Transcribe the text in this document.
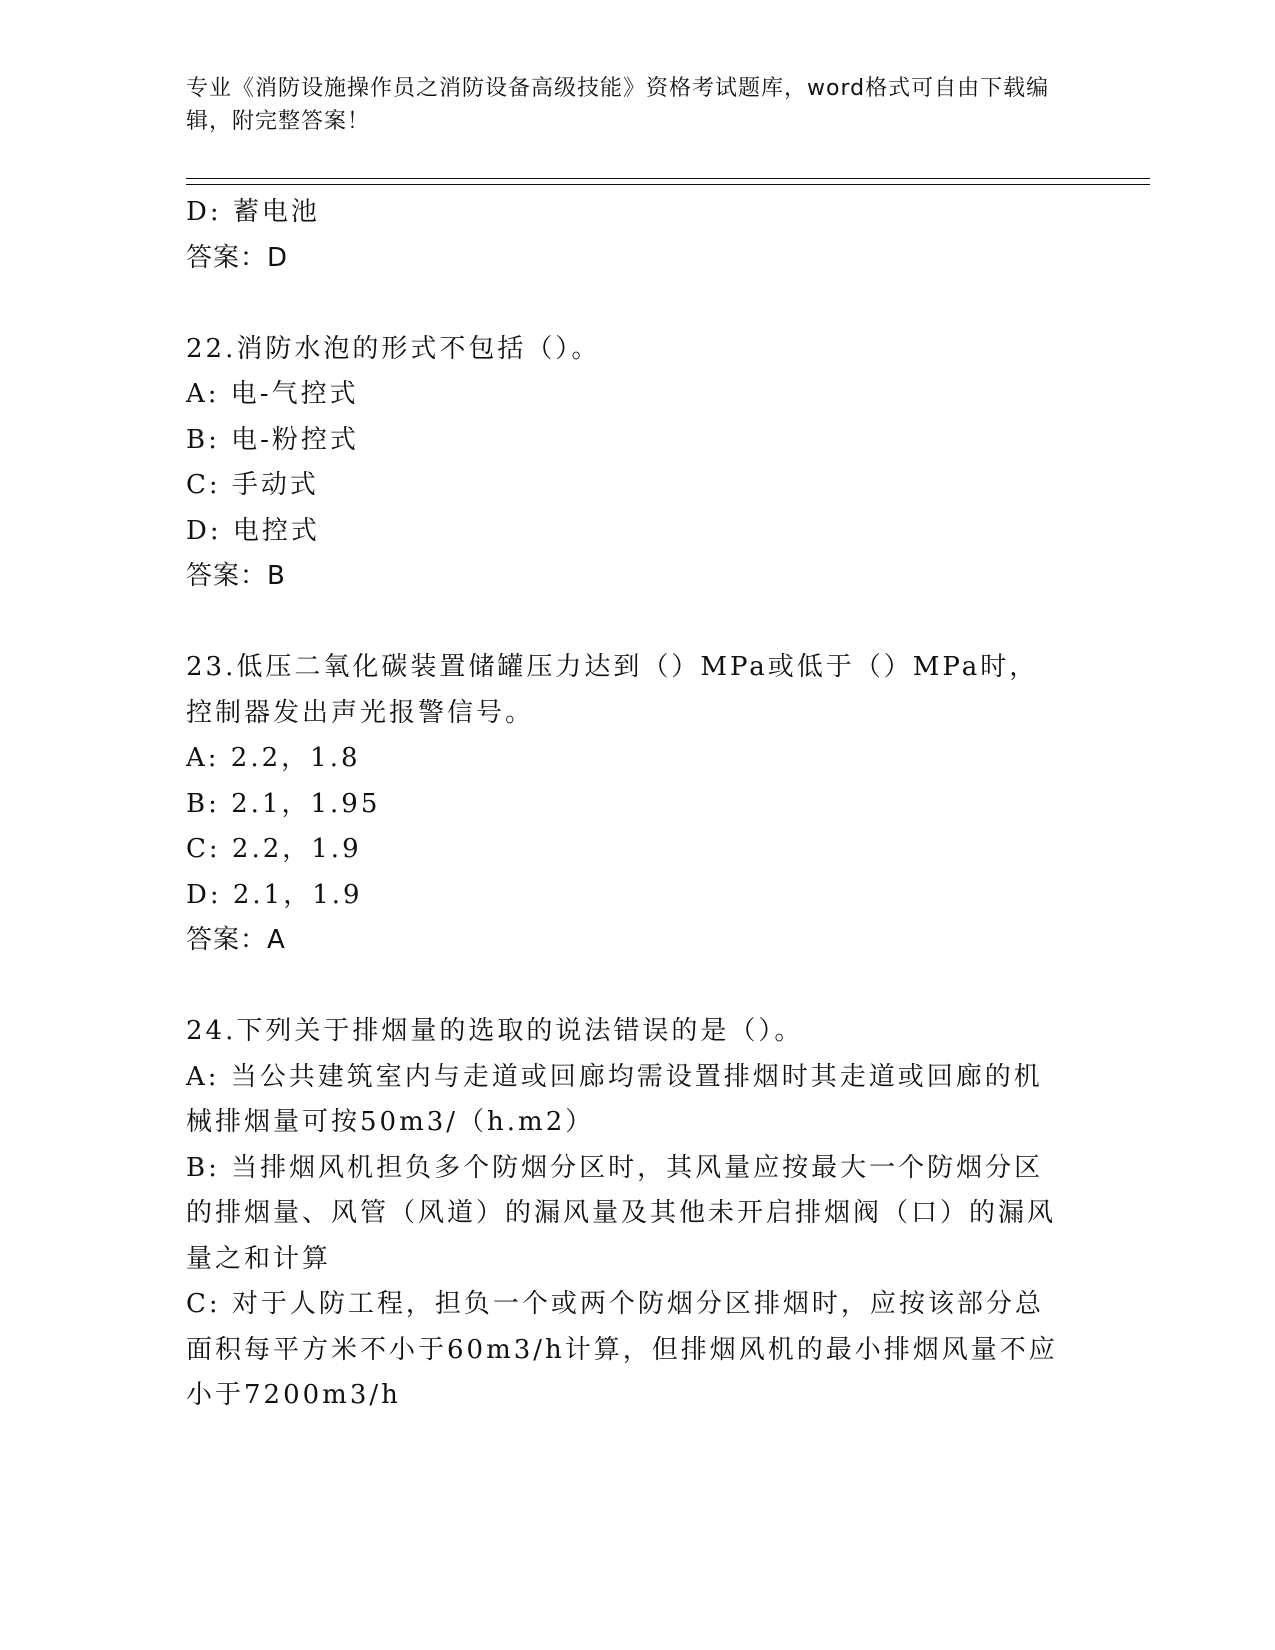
专业《消防设施操作员之消防设备高级技能》资格考试题库，word格式可自由下载编辑，附完整答案！
D: 蓄电池
答案：D
22.消防水泡的形式不包括（）。
A: 电-气控式
B: 电-粉控式
C: 手动式
D: 电控式
答案：B
23.低压二氧化碳装置储罐压力达到（）MPa或低于（）MPa时，控制器发出声光报警信号。
A: 2.2，1.8
B: 2.1，1.95
C: 2.2，1.9
D: 2.1，1.9
答案：A
24.下列关于排烟量的选取的说法错误的是（）。
A: 当公共建筑室内与走道或回廊均需设置排烟时其走道或回廊的机械排烟量可按50m3/（h.m2）
B: 当排烟风机担负多个防烟分区时，其风量应按最大一个防烟分区的排烟量、风管（风道）的漏风量及其他未开启排烟阀（口）的漏风量之和计算
C: 对于人防工程，担负一个或两个防烟分区排烟时，应按该部分总面积每平方米不小于60m3/h计算，但排烟风机的最小排烟风量不应小于7200m3/h
